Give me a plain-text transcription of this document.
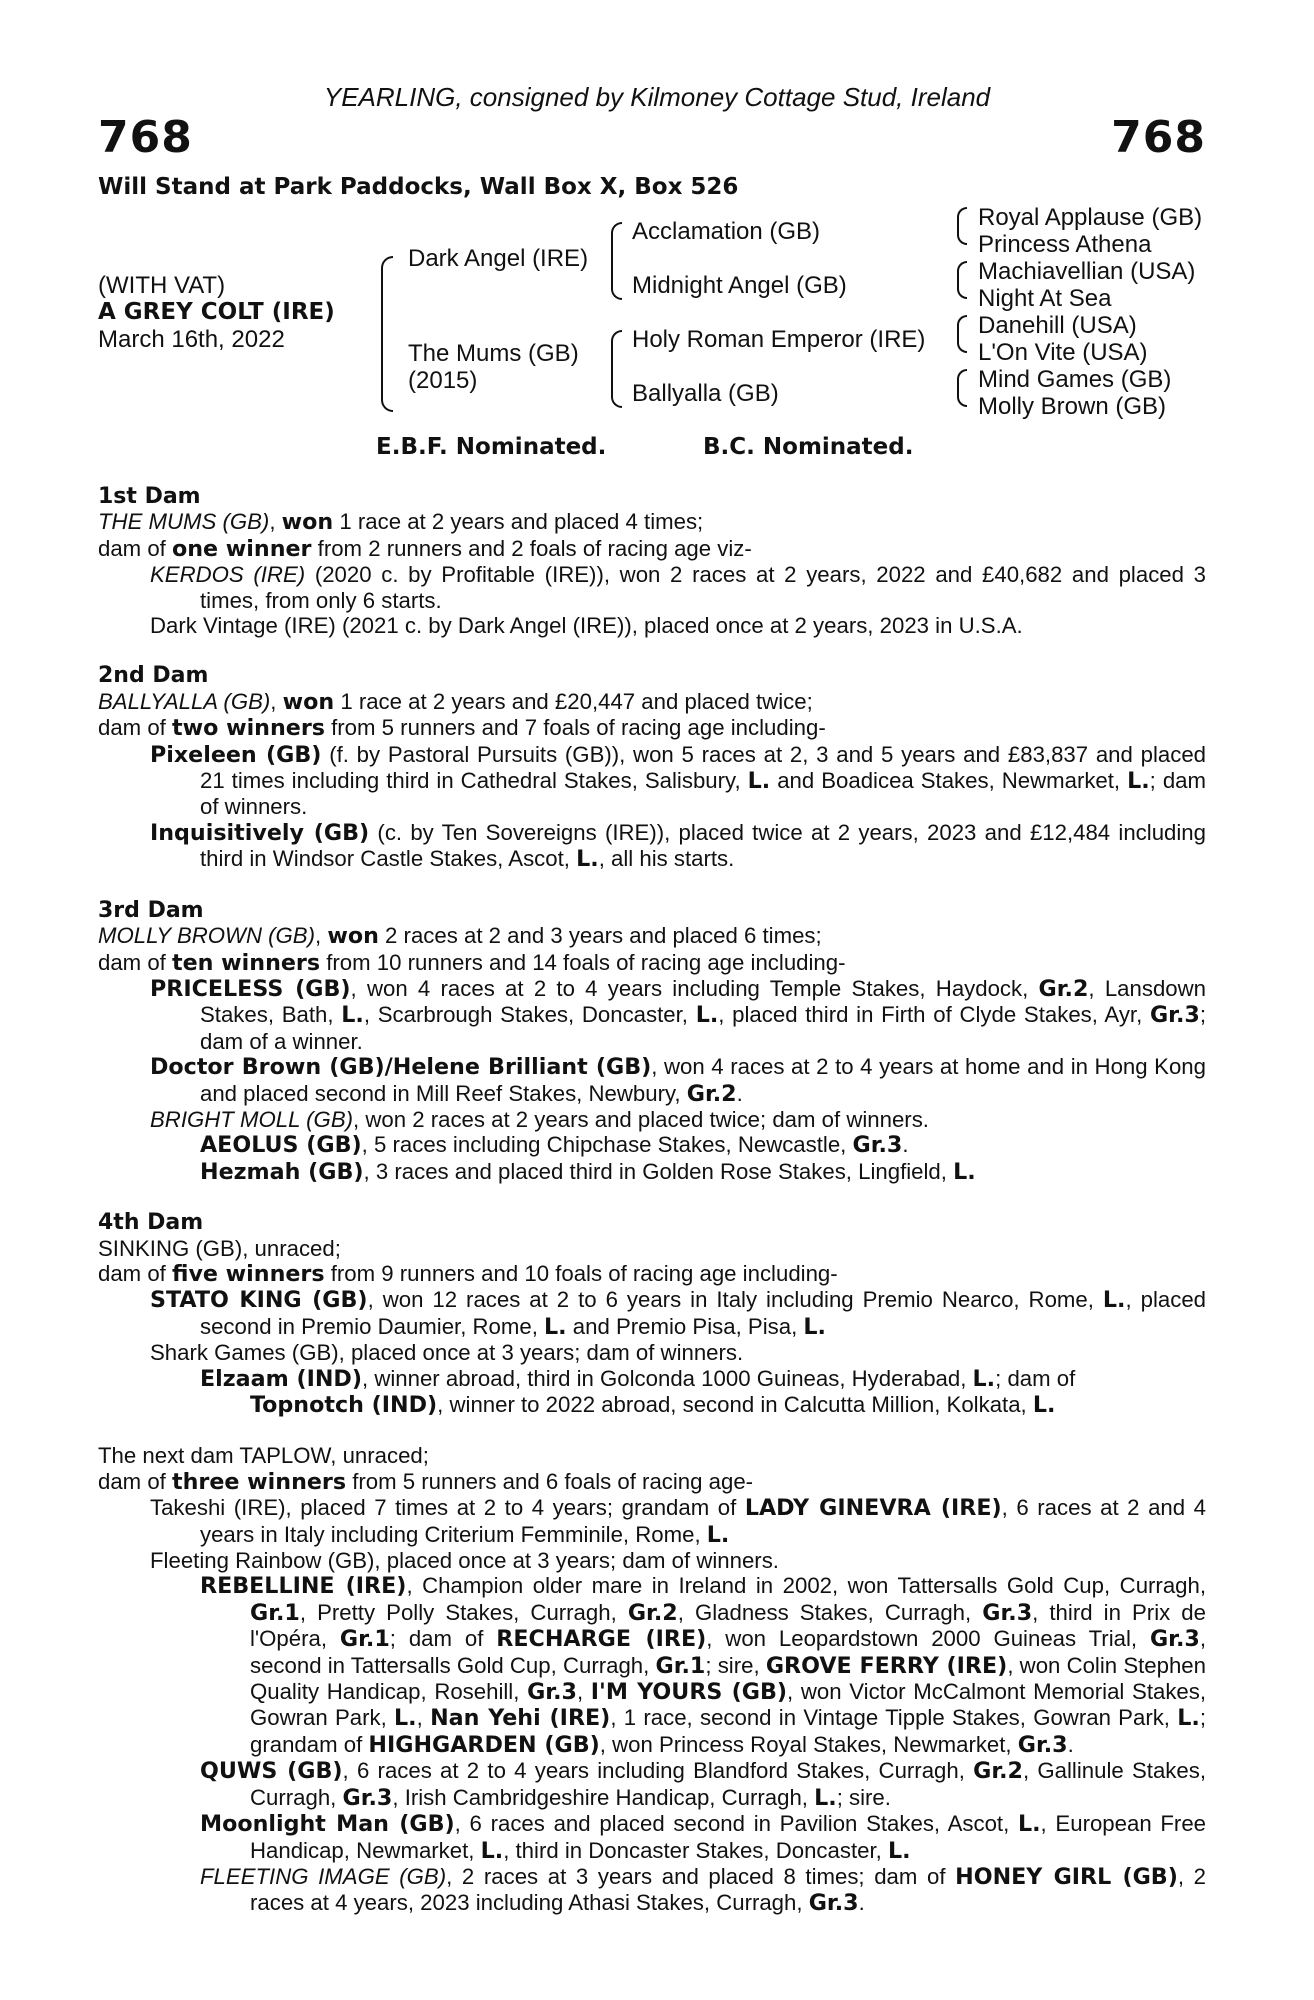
YEARLING, consigned by Kilmoney Cottage Stud, Ireland
768	768
Will Stand at Park Paddocks, Wall Box X, Box 526
(WITH VAT)
A GREY COLT (IRE)
March 16th, 2022
Dark Angel (IRE)
The Mums (GB)
(2015)
Acclamation (GB)
Midnight Angel (GB)
Holy Roman Emperor (IRE)
Ballyalla (GB)
Royal Applause (GB)
Princess Athena
Machiavellian (USA)
Night At Sea
Danehill (USA)
L'On Vite (USA)
Mind Games (GB)
Molly Brown (GB)
E.B.F. Nominated.	B.C. Nominated.
1st Dam
THE MUMS (GB), won 1 race at 2 years and placed 4 times;
dam of one winner from 2 runners and 2 foals of racing age viz-
KERDOS (IRE) (2020 c. by Profitable (IRE)), won 2 races at 2 years, 2022 and £40,682 and placed 3 times, from only 6 starts.
Dark Vintage (IRE) (2021 c. by Dark Angel (IRE)), placed once at 2 years, 2023 in U.S.A.
2nd Dam
BALLYALLA (GB), won 1 race at 2 years and £20,447 and placed twice;
dam of two winners from 5 runners and 7 foals of racing age including-
Pixeleen (GB) (f. by Pastoral Pursuits (GB)), won 5 races at 2, 3 and 5 years and £83,837 and placed 21 times including third in Cathedral Stakes, Salisbury, L. and Boadicea Stakes, Newmarket, L.; dam of winners.
Inquisitively (GB) (c. by Ten Sovereigns (IRE)), placed twice at 2 years, 2023 and £12,484 including third in Windsor Castle Stakes, Ascot, L., all his starts.
3rd Dam
MOLLY BROWN (GB), won 2 races at 2 and 3 years and placed 6 times;
dam of ten winners from 10 runners and 14 foals of racing age including-
PRICELESS (GB), won 4 races at 2 to 4 years including Temple Stakes, Haydock, Gr.2, Lansdown Stakes, Bath, L., Scarbrough Stakes, Doncaster, L., placed third in Firth of Clyde Stakes, Ayr, Gr.3; dam of a winner.
Doctor Brown (GB)/Helene Brilliant (GB), won 4 races at 2 to 4 years at home and in Hong Kong and placed second in Mill Reef Stakes, Newbury, Gr.2.
BRIGHT MOLL (GB), won 2 races at 2 years and placed twice; dam of winners.
AEOLUS (GB), 5 races including Chipchase Stakes, Newcastle, Gr.3.
Hezmah (GB), 3 races and placed third in Golden Rose Stakes, Lingfield, L.
4th Dam
SINKING (GB), unraced;
dam of five winners from 9 runners and 10 foals of racing age including-
STATO KING (GB), won 12 races at 2 to 6 years in Italy including Premio Nearco, Rome, L., placed second in Premio Daumier, Rome, L. and Premio Pisa, Pisa, L.
Shark Games (GB), placed once at 3 years; dam of winners.
Elzaam (IND), winner abroad, third in Golconda 1000 Guineas, Hyderabad, L.; dam of
Topnotch (IND), winner to 2022 abroad, second in Calcutta Million, Kolkata, L.
The next dam TAPLOW, unraced;
dam of three winners from 5 runners and 6 foals of racing age-
Takeshi (IRE), placed 7 times at 2 to 4 years; grandam of LADY GINEVRA (IRE), 6 races at 2 and 4 years in Italy including Criterium Femminile, Rome, L.
Fleeting Rainbow (GB), placed once at 3 years; dam of winners.
REBELLINE (IRE), Champion older mare in Ireland in 2002, won Tattersalls Gold Cup, Curragh, Gr.1, Pretty Polly Stakes, Curragh, Gr.2, Gladness Stakes, Curragh, Gr.3, third in Prix de l'Opéra, Gr.1; dam of RECHARGE (IRE), won Leopardstown 2000 Guineas Trial, Gr.3, second in Tattersalls Gold Cup, Curragh, Gr.1; sire, GROVE FERRY (IRE), won Colin Stephen Quality Handicap, Rosehill, Gr.3, I'M YOURS (GB), won Victor McCalmont Memorial Stakes, Gowran Park, L., Nan Yehi (IRE), 1 race, second in Vintage Tipple Stakes, Gowran Park, L.; grandam of HIGHGARDEN (GB), won Princess Royal Stakes, Newmarket, Gr.3.
QUWS (GB), 6 races at 2 to 4 years including Blandford Stakes, Curragh, Gr.2, Gallinule Stakes, Curragh, Gr.3, Irish Cambridgeshire Handicap, Curragh, L.; sire.
Moonlight Man (GB), 6 races and placed second in Pavilion Stakes, Ascot, L., European Free Handicap, Newmarket, L., third in Doncaster Stakes, Doncaster, L.
FLEETING IMAGE (GB), 2 races at 3 years and placed 8 times; dam of HONEY GIRL (GB), 2 races at 4 years, 2023 including Athasi Stakes, Curragh, Gr.3.
